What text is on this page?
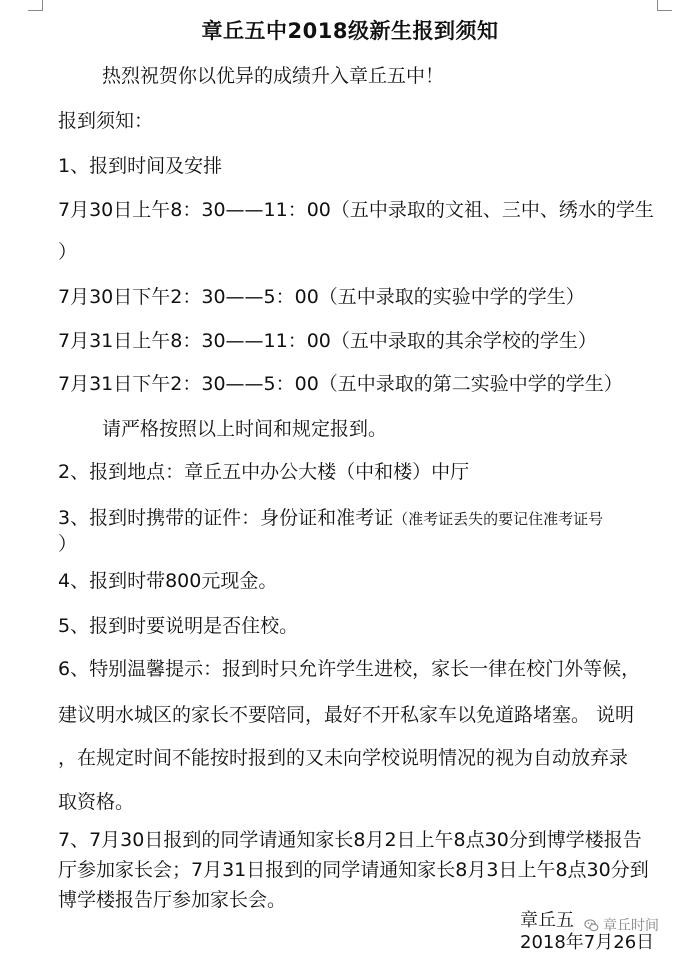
章丘五中2018级新生报到须知
热烈祝贺你以优异的成绩升入章丘五中！
报到须知：
1、报到时间及安排
7月30日上午8：30——11：00（五中录取的文祖、三中、绣水的学生
）
7月30日下午2：30——5：00（五中录取的实验中学的学生）
7月31日上午8：30——11：00（五中录取的其余学校的学生）
7月31日下午2：30——5：00（五中录取的第二实验中学的学生）
请严格按照以上时间和规定报到。
2、报到地点：章丘五中办公大楼（中和楼）中厅
3、报到时携带的证件：身份证和准考证（准考证丢失的要记住准考证号
）
4、报到时带800元现金。
5、报到时要说明是否住校。
6、特别温馨提示：报到时只允许学生进校，家长一律在校门外等候，
建议明水城区的家长不要陪同，最好不开私家车以免道路堵塞。 说明
，在规定时间不能按时报到的又未向学校说明情况的视为自动放弃录
取资格。
7、7月30日报到的同学请通知家长8月2日上午8点30分到博学楼报告
厅参加家长会；7月31日报到的同学请通知家长8月3日上午8点30分到
博学楼报告厅参加家长会。
章丘五
2018年7月26日
章丘时间
